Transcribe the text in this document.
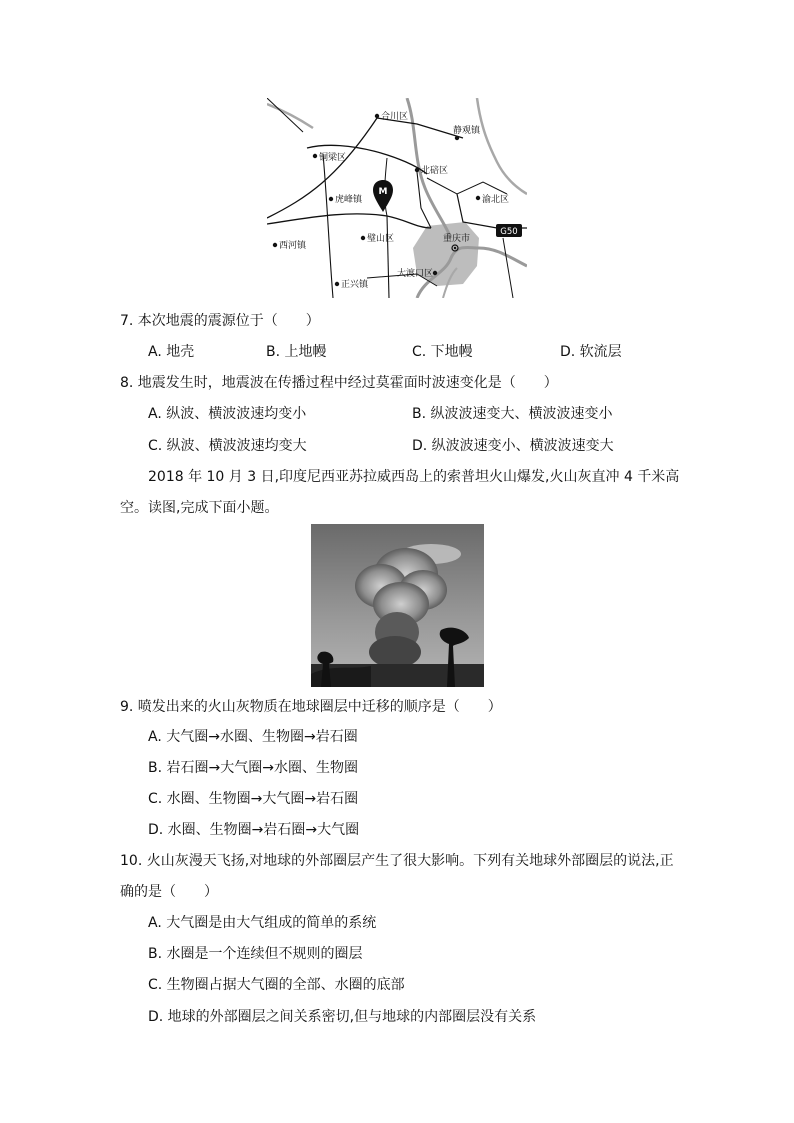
M
G50
合川区
静观镇
铜梁区
北碚区
虎峰镇	渝北区
西河镇
璧山区	重庆市
大渡口区
正兴镇
7. 本次地震的震源位于（　　）
A. 地壳	B. 上地幔	C. 下地幔	D. 软流层
8. 地震发生时，地震波在传播过程中经过莫霍面时波速变化是（　　）
A. 纵波、横波波速均变小	B. 纵波波速变大、横波波速变小
C. 纵波、横波波速均变大	D. 纵波波速变小、横波波速变大
2018 年 10 月 3 日,印度尼西亚苏拉威西岛上的索普坦火山爆发,火山灰直冲 4 千米高
空。读图,完成下面小题。
9. 喷发出来的火山灰物质在地球圈层中迁移的顺序是（　　）
A. 大气圈→水圈、生物圈→岩石圈
B. 岩石圈→大气圈→水圈、生物圈
C. 水圈、生物圈→大气圈→岩石圈
D. 水圈、生物圈→岩石圈→大气圈
10. 火山灰漫天飞扬,对地球的外部圈层产生了很大影响。下列有关地球外部圈层的说法,正
确的是（　　）
A. 大气圈是由大气组成的简单的系统
B. 水圈是一个连续但不规则的圈层
C. 生物圈占据大气圈的全部、水圈的底部
D. 地球的外部圈层之间关系密切,但与地球的内部圈层没有关系
